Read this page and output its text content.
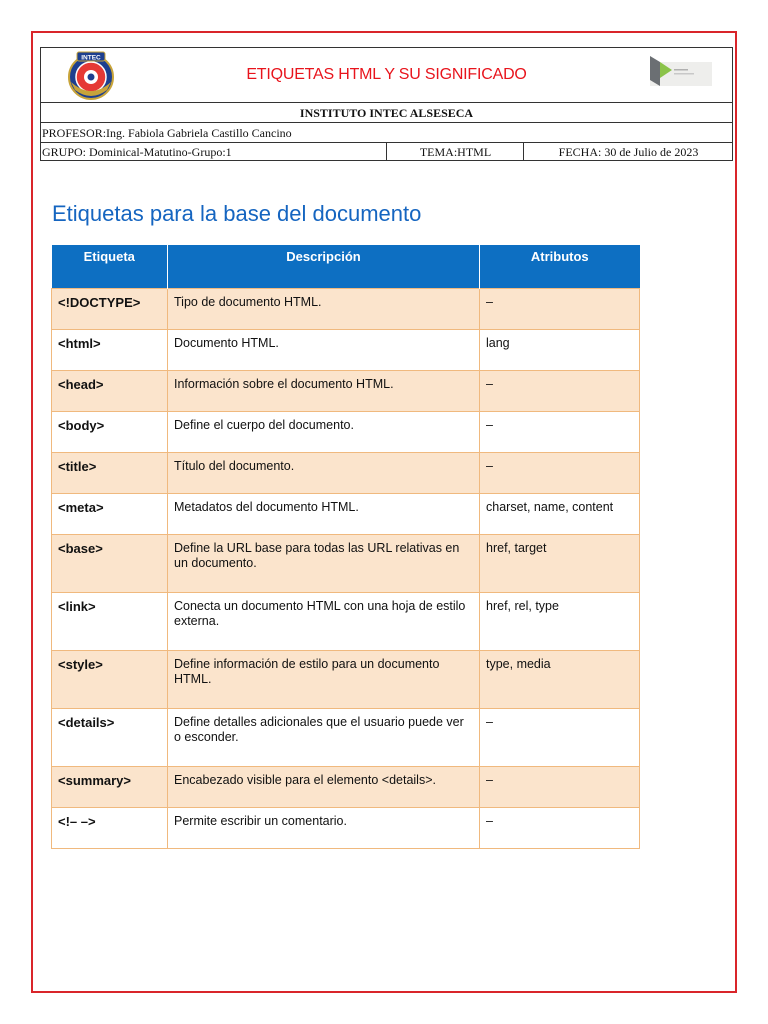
INTEC
ETIQUETAS HTML Y SU SIGNIFICADO
INSTITUTO INTEC ALSESECA
PROFESOR:Ing. Fabiola Gabriela Castillo Cancino
GRUPO: Dominical-Matutino-Grupo:1	TEMA:HTML	FECHA: 30 de Julio de 2023
Etiquetas para la base del documento
Etiqueta	Descripción	Atributos
<!DOCTYPE>	Tipo de documento HTML.	–
<html>	Documento HTML.	lang
<head>	Información sobre el documento HTML.	–
<body>	Define el cuerpo del documento.	–
<title>	Título del documento.	–
<meta>	Metadatos del documento HTML.	charset, name, content
<base>	Define la URL base para todas las URL relativas en un documento.	href, target
<link>	Conecta un documento HTML con una hoja de estilo externa.	href, rel, type
<style>	Define información de estilo para un documento HTML.	type, media
<details>	Define detalles adicionales que el usuario puede ver o esconder.	–
<summary>	Encabezado visible para el elemento <details>.	–
<!– –>	Permite escribir un comentario.	–
